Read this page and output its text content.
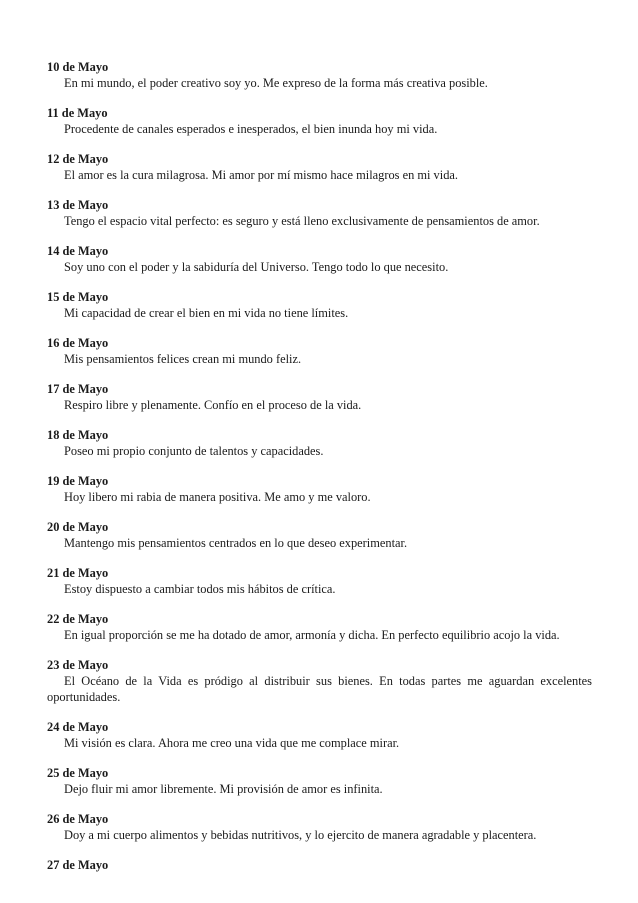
10 de Mayo

En mi mundo, el poder creativo soy yo. Me expreso de la forma más creativa posible.

11 de Mayo

Procedente de canales esperados e inesperados, el bien inunda hoy mi vida.

12 de Mayo

El amor es la cura milagrosa. Mi amor por mí mismo hace milagros en mi vida.

13 de Mayo

Tengo el espacio vital perfecto: es seguro y está lleno exclusivamente de pensamientos de amor.

14 de Mayo

Soy uno con el poder y la sabiduría del Universo. Tengo todo lo que necesito.

15 de Mayo

Mi capacidad de crear el bien en mi vida no tiene límites.

16 de Mayo

Mis pensamientos felices crean mi mundo feliz.

17 de Mayo

Respiro libre y plenamente. Confío en el proceso de la vida.

18 de Mayo

Poseo mi propio conjunto de talentos y capacidades.

19 de Mayo

Hoy libero mi rabia de manera positiva. Me amo y me valoro.

20 de Mayo

Mantengo mis pensamientos centrados en lo que deseo experimentar.

21 de Mayo

Estoy dispuesto a cambiar todos mis hábitos de crítica.

22 de Mayo

En igual proporción se me ha dotado de amor, armonía y dicha. En perfecto equilibrio acojo la vida.

23 de Mayo

El Océano de la Vida es pródigo al distribuir sus bienes. En todas partes me aguardan excelentes oportunidades.

24 de Mayo

Mi visión es clara. Ahora me creo una vida que me complace mirar.

25 de Mayo

Dejo fluir mi amor libremente. Mi provisión de amor es infinita.

26 de Mayo

Doy a mi cuerpo alimentos y bebidas nutritivos, y lo ejercito de manera agradable y placentera.

27 de Mayo
